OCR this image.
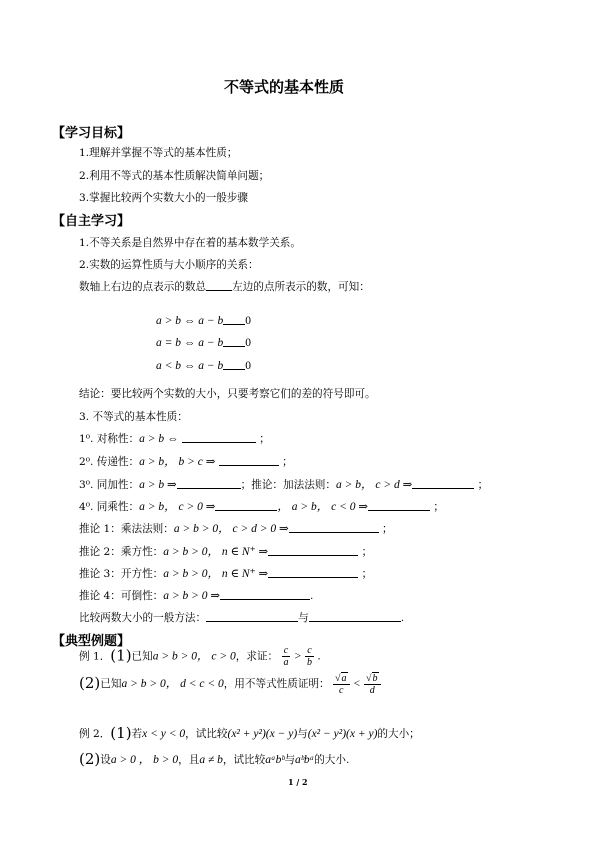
不等式的基本性质
【学习目标】
1.理解并掌握不等式的基本性质；
2.利用不等式的基本性质解决简单问题；
3.掌握比较两个实数大小的一般步骤
【自主学习】
1.不等关系是自然界中存在着的基本数学关系。
2.实数的运算性质与大小顺序的关系：
数轴上右边的点表示的数总 左边的点所表示的数，可知：
a > b ⇔ a − b 0
a = b ⇔ a − b 0
a < b ⇔ a − b 0
结论：要比较两个实数的大小，只要考察它们的差的符号即可。
3. 不等式的基本性质：
1⁰. 对称性：a > b ⇔	；
2⁰. 传递性：a > b， b > c ⇒	；
3⁰. 同加性：a > b ⇒	；推论：加法法则：a > b， c > d ⇒	；
4⁰. 同乘性：a > b， c > 0 ⇒	， a > b， c < 0 ⇒	；
推论 1：乘法法则：a > b > 0， c > d > 0 ⇒	；
推论 2：乘方性：a > b > 0， n ∈ N⁺ ⇒	；
推论 3：开方性：a > b > 0， n ∈ N⁺ ⇒	；
推论 4：可倒性：a > b > 0 ⇒	.
比较两数大小的一般方法：	与	.
【典型例题】
例 1．(1)已知a > b > 0， c > 0，求证： $\frac{c}{a} > \frac{c}{b}$ .
(2)已知a > b > 0， d < c < 0，用不等式性质证明： $\frac{√a}{c} < \frac{√b}{d}$
例 2．(1)若x < y < 0，试比较(x² + y²)(x − y)与(x² − y²)(x + y)的大小；
(2)设a > 0 ， b > 0，且a ≠ b，试比较aᵃbᵇ与aᵇbᵃ的大小.
1 / 2
